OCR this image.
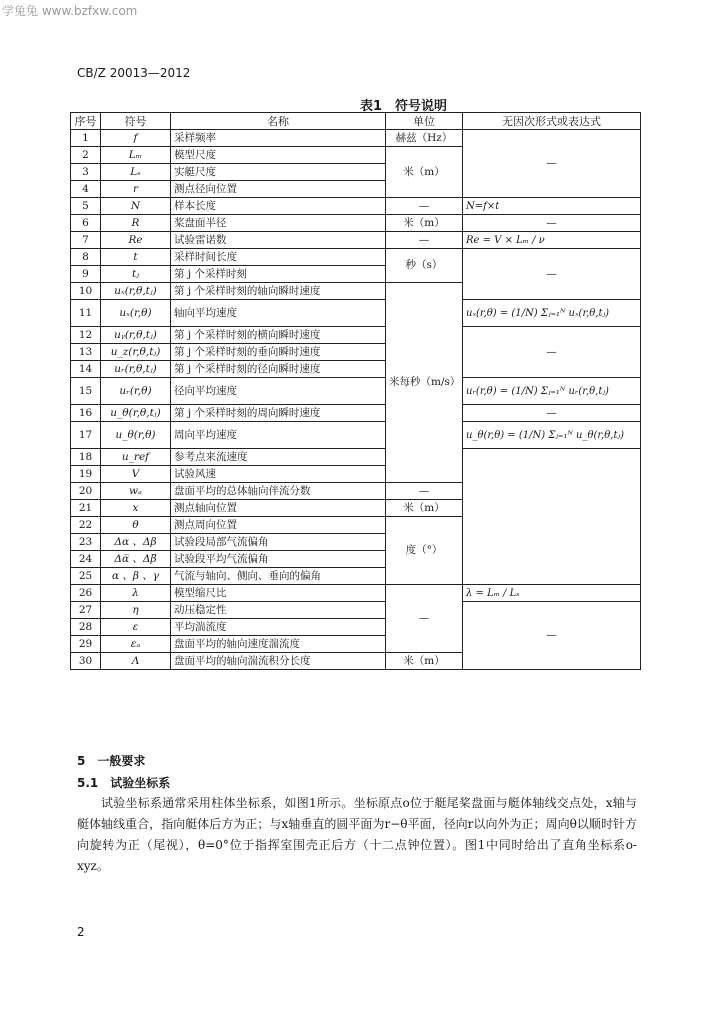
学兔兔 www.bzfxw.com
CB/Z 20013—2012
表1　符号说明
序号	符号	名称	单位	无因次形式或表达式
1	f	采样频率	赫兹（Hz）	—
2	Lₘ	模型尺度	米（m）	
3	Lₛ	实艇尺度		
4	r	测点径向位置		
5	N	样本长度	—	N=f×t
6	R	桨盘面半径	米（m）	—
7	Re	试验雷诺数	—	Re = V × Lₘ / ν
8	t	采样时间长度	秒（s）	—
9	tⱼ	第 j 个采样时刻		
10	uₓ(r,θ,tⱼ)	第 j 个采样时刻的轴向瞬时速度	米每秒（m/s）	
11	uₓ(r,θ)	轴向平均速度		uₓ(r,θ) = (1/N) Σⱼ₌₁ᴺ uₓ(r,θ,tⱼ)
12	uᵧ(r,θ,tⱼ)	第 j 个采样时刻的横向瞬时速度		—
13	u_z(r,θ,tⱼ)	第 j 个采样时刻的垂向瞬时速度		
14	uᵣ(r,θ,tⱼ)	第 j 个采样时刻的径向瞬时速度		
15	uᵣ(r,θ)	径向平均速度		uᵣ(r,θ) = (1/N) Σⱼ₌₁ᴺ uᵣ(r,θ,tⱼ)
16	u_θ(r,θ,tⱼ)	第 j 个采样时刻的周向瞬时速度		—
17	u_θ(r,θ)	周向平均速度		u_θ(r,θ) = (1/N) Σⱼ₌₁ᴺ u_θ(r,θ,tⱼ)
18	u_ref	参考点来流速度		
19	V	试验风速		
20	wₐ	盘面平均的总体轴向伴流分数	—	
21	x	测点轴向位置	米（m）	
22	θ	测点周向位置	度（°）	
23	Δα 、Δβ	试验段局部气流偏角		
24	Δα̅ 、Δβ̅	试验段平均气流偏角		
25	α 、β 、γ	气流与轴向、侧向、垂向的偏角		
26	λ	模型缩尺比	—	λ = Lₘ / Lₛ
27	η	动压稳定性		—
28	ε	平均湍流度		
29	εₐ	盘面平均的轴向速度湍流度		
30	Λ	盘面平均的轴向湍流积分长度	米（m）	
5　一般要求
5.1　试验坐标系

试验坐标系通常采用柱体坐标系，如图1所示。坐标原点o位于艇尾桨盘面与艇体轴线交点处，x轴与艇体轴线重合，指向艇体后方为正；与x轴垂直的圆平面为r−θ平面，径向r以向外为正；周向θ以顺时针方向旋转为正（尾视），θ=0°位于指挥室围壳正后方（十二点钟位置）。图1中同时给出了直角坐标系o-xyz。

2
